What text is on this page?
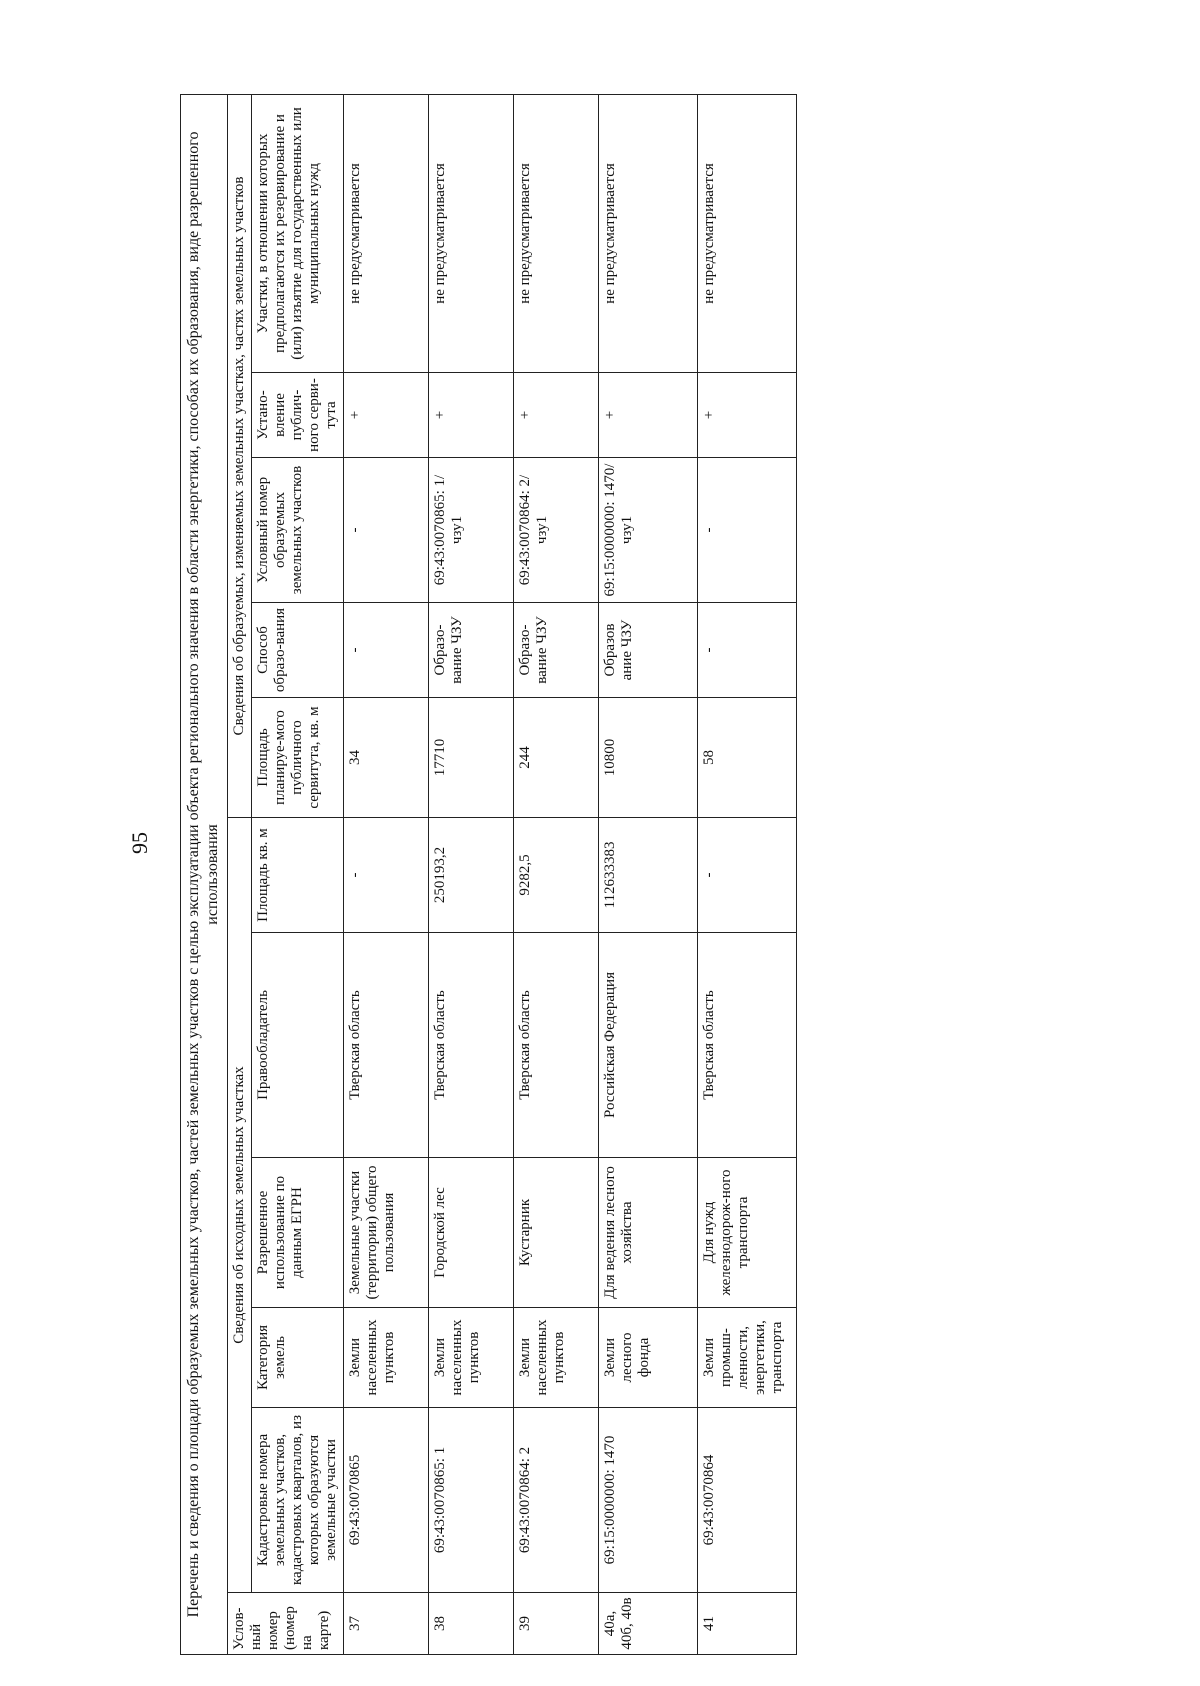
95 Перечень и сведения о площади образуемых земельных участков, частей земельных участков с целью эксплуатации объекта регионального значения в области энергетики, способах их образования, виде разрешенного использования										
Услов-ный номер (номер на карте)	Сведения об исходных земельных участках					Сведения об образуемых, изменяемых земельных участках, частях земельных участков				
	Кадастровые номера земельных участков, кадастровых кварталов, из которых образуются земельные участки	Категория земель	Разрешенное использование по данным ЕГРН	Правообладатель	Площадь кв. м	Площадь планируе-мого публичного сервитута, кв. м	Способ образо-вания	Условный номер образуемых земельных участков	Устано-вление публич-ного серви-тута	Участки, в отношении которых предполагаются их резервирование и (или) изъятие для государственных или муниципальных нужд
37	69:43:0070865	Земли населенных пунктов	Земельные участки (территории) общего пользования	Тверская область	-	34	-	-	+	не предусматривается
38	69:43:0070865: 1	Земли населенных пунктов	Городской лес	Тверская область	250193,2	17710	Образо-вание ЧЗУ	69:43:0070865: 1/чзу1	+	не предусматривается
39	69:43:0070864: 2	Земли населенных пунктов	Кустарник	Тверская область	9282,5	244	Образо-вание ЧЗУ	69:43:0070864: 2/чзу1	+	не предусматривается
40а, 40б, 40в	69:15:0000000: 1470	Земли лесного фонда	Для ведения лесного хозяйства	Российская Федерация	112633383	10800	Образов ание ЧЗУ	69:15:0000000: 1470/чзу1	+	не предусматривается
41	69:43:0070864	Земли промыш-ленности, энергетики, транспорта	Для нужд железнодорож-ного транспорта	Тверская область	-	58	-	-	+	не предусматривается
